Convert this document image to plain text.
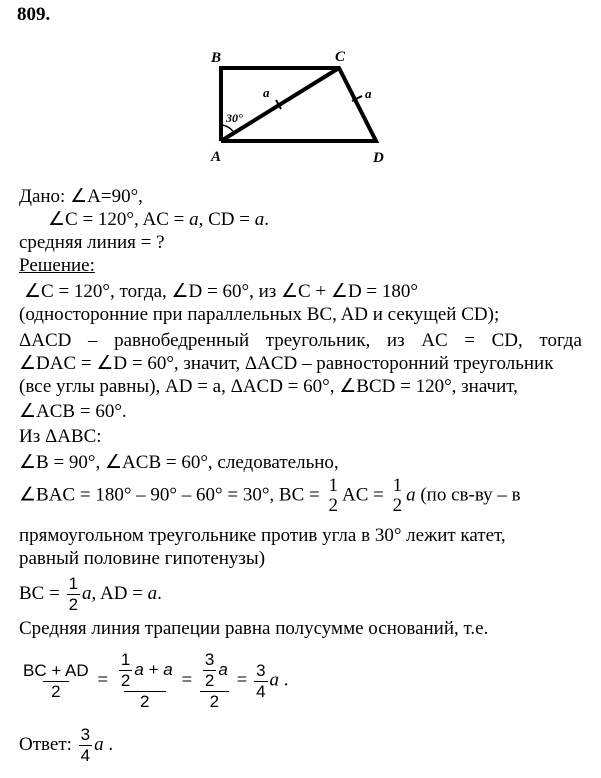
809.
B	C
A	D
a	a
30°
Дано: ∠A=90°,
∠C = 120°, AC = a, CD = a.
средняя линия = ?
Решение:
∠C = 120°, тогда, ∠D = 60°, из ∠C + ∠D = 180°
(односторонние при параллельных BC, AD и секущей CD);
ΔACD – равнобедренный треугольник, из AC = CD, тогда
∠DAC = ∠D = 60°, значит, ΔACD – равносторонний треугольник
(все углы равны), AD = a, ΔACD = 60°, ∠BCD = 120°, значит,
∠ACB = 60°.
Из ΔABC:
∠B = 90°, ∠ACB = 60°, следовательно,
∠BAC = 180° – 90° – 60° = 30°, BC = 1
2
AC = 1
2
a (по св-ву – в
прямоугольном треугольнике против угла в 30° лежит катет,
равный половине гипотенузы)
BC = $\frac{1}{2} a$, AD = a.
Средняя линия трапеции равна полусумме оснований, т.е.
$\frac{BC + AD}{2} = \frac{\frac{1}{2} a + a}{2} = \frac{\frac{3}{2} a}{2} = \frac{3}{4}$ a .
Ответ: $\frac{3}{4}$ a .
